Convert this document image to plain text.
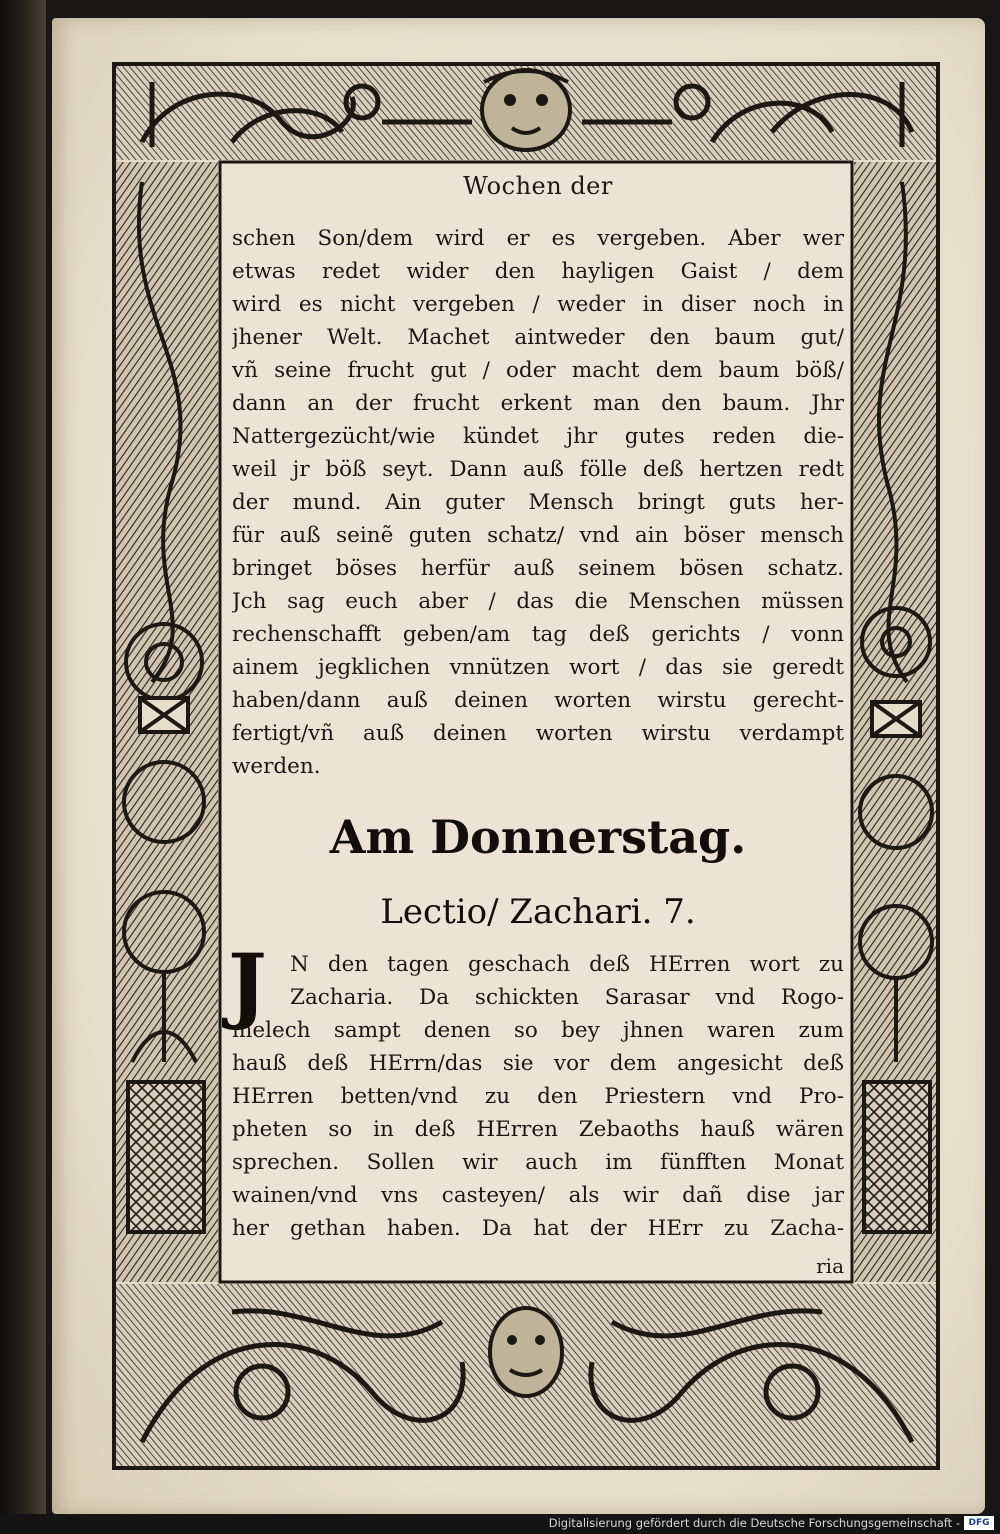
Wochen der
schen Son/dem wird er es vergeben. Aber wer
etwas redet wider den hayligen Gaist / dem
wird es nicht vergeben / weder in diser noch in
jhener Welt. Machet aintweder den baum gut/
vñ seine frucht gut / oder macht dem baum böß/
dann an der frucht erkent man den baum. Jhr
Nattergezücht/wie kündet jhr gutes reden die-
weil jr böß seyt. Dann auß fölle deß hertzen redt
der mund. Ain guter Mensch bringt guts her-
für auß seinẽ guten schatz/ vnd ain böser mensch
bringet böses herfür auß seinem bösen schatz.
Jch sag euch aber / das die Menschen müssen
rechenschafft geben/am tag deß gerichts / vonn
ainem jegklichen vnnützen wort / das sie geredt
haben/dann auß deinen worten wirstu gerecht-
fertigt/vñ auß deinen worten wirstu verdampt
werden.
Am Donnerstag.
Lectio/ Zachari. 7.
J N den tagen geschach deß HErren wort zu
Zacharia. Da schickten Sarasar vnd Rogo-
melech sampt denen so bey jhnen waren zum
hauß deß HErrn/das sie vor dem angesicht deß
HErren betten/vnd zu den Priestern vnd Pro-
pheten so in deß HErren Zebaoths hauß wären
sprechen. Sollen wir auch im fünfften Monat
wainen/vnd vns casteyen/ als wir dañ dise jar
her gethan haben. Da hat der HErr zu Zacha-
ria
Digitalisierung gefördert durch die Deutsche Forschungsgemeinschaft - DFG
